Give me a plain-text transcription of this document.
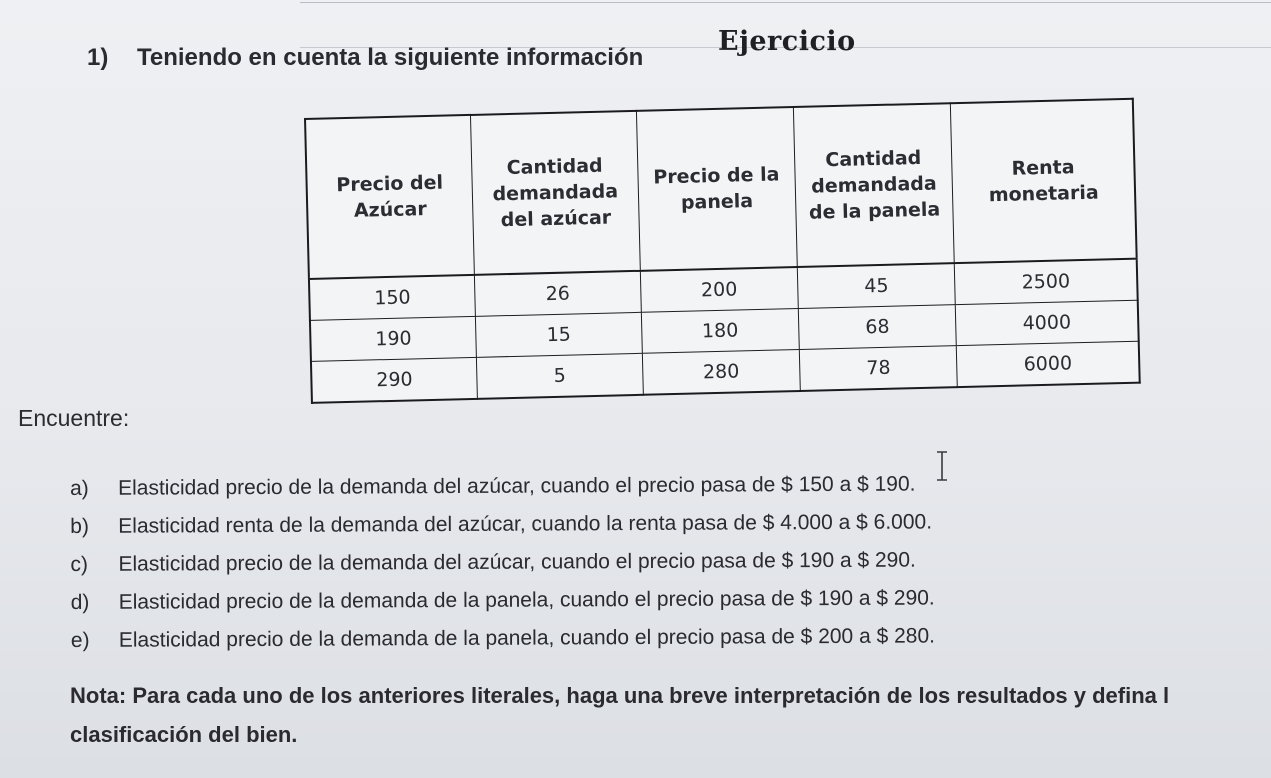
Ejercicio
1) Teniendo en cuenta la siguiente información
Precio del Azúcar	Cantidad demandada del azúcar	Precio de la panela	Cantidad demandada de la panela	Renta monetaria
150	26	200	45	2500
190	15	180	68	4000
290	5	280	78	6000
Encuentre:
a) Elasticidad precio de la demanda del azúcar, cuando el precio pasa de $ 150 a $ 190.
b) Elasticidad renta de la demanda del azúcar, cuando la renta pasa de $ 4.000 a $ 6.000.
c) Elasticidad precio de la demanda del azúcar, cuando el precio pasa de $ 190 a $ 290.
d) Elasticidad precio de la demanda de la panela, cuando el precio pasa de $ 190 a $ 290.
e) Elasticidad precio de la demanda de la panela, cuando el precio pasa de $ 200 a $ 280.
Nota: Para cada uno de los anteriores literales, haga una breve interpretación de los resultados y defina l
clasificación del bien.
